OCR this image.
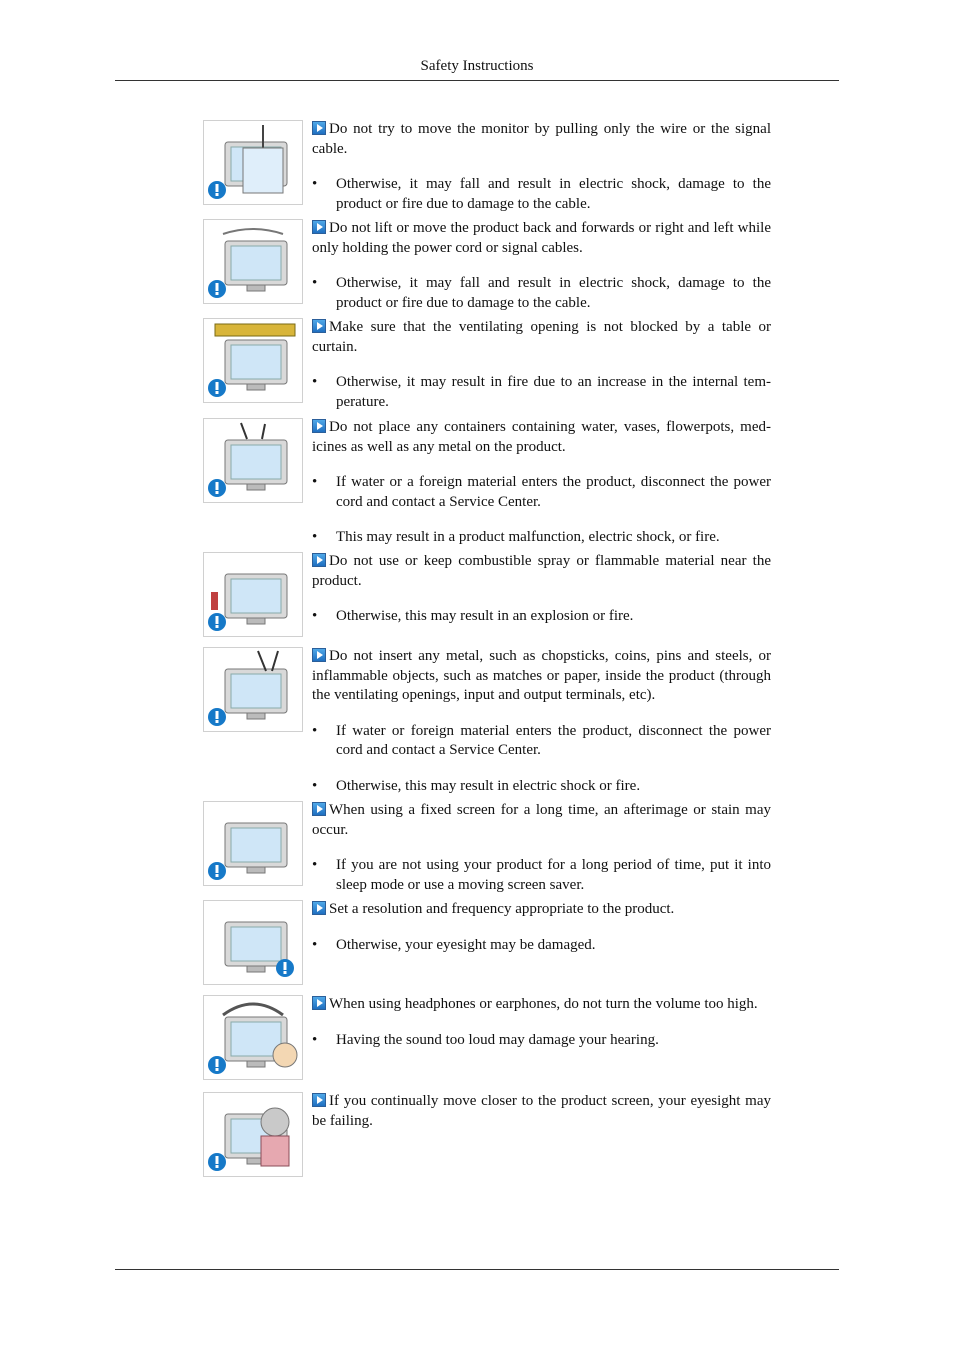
Safety Instructions

Do not try to move the monitor by pulling only the wire or the signal cable.

• Otherwise, it may fall and result in electric shock, damage to the product or fire due to damage to the cable.

Do not lift or move the product back and forwards or right and left while only holding the power cord or signal cables.

• Otherwise, it may fall and result in electric shock, damage to the product or fire due to damage to the cable.

Make sure that the ventilating opening is not blocked by a table or curtain.

• Otherwise, it may result in fire due to an increase in the internal tem-perature.

Do not place any containers containing water, vases, flowerpots, med-icines as well as any metal on the product.

• If water or a foreign material enters the product, disconnect the power cord and contact a Service Center.

• This may result in a product malfunction, electric shock, or fire.

Do not use or keep combustible spray or flammable material near the product.

• Otherwise, this may result in an explosion or fire.

Do not insert any metal, such as chopsticks, coins, pins and steels, or inflammable objects, such as matches or paper, inside the product (through the ventilating openings, input and output terminals, etc).

• If water or foreign material enters the product, disconnect the power cord and contact a Service Center.

• Otherwise, this may result in electric shock or fire.

When using a fixed screen for a long time, an afterimage or stain may occur.

• If you are not using your product for a long period of time, put it into sleep mode or use a moving screen saver.

Set a resolution and frequency appropriate to the product.

• Otherwise, your eyesight may be damaged.

When using headphones or earphones, do not turn the volume too high.

• Having the sound too loud may damage your hearing.

If you continually move closer to the product screen, your eyesight may be failing.
